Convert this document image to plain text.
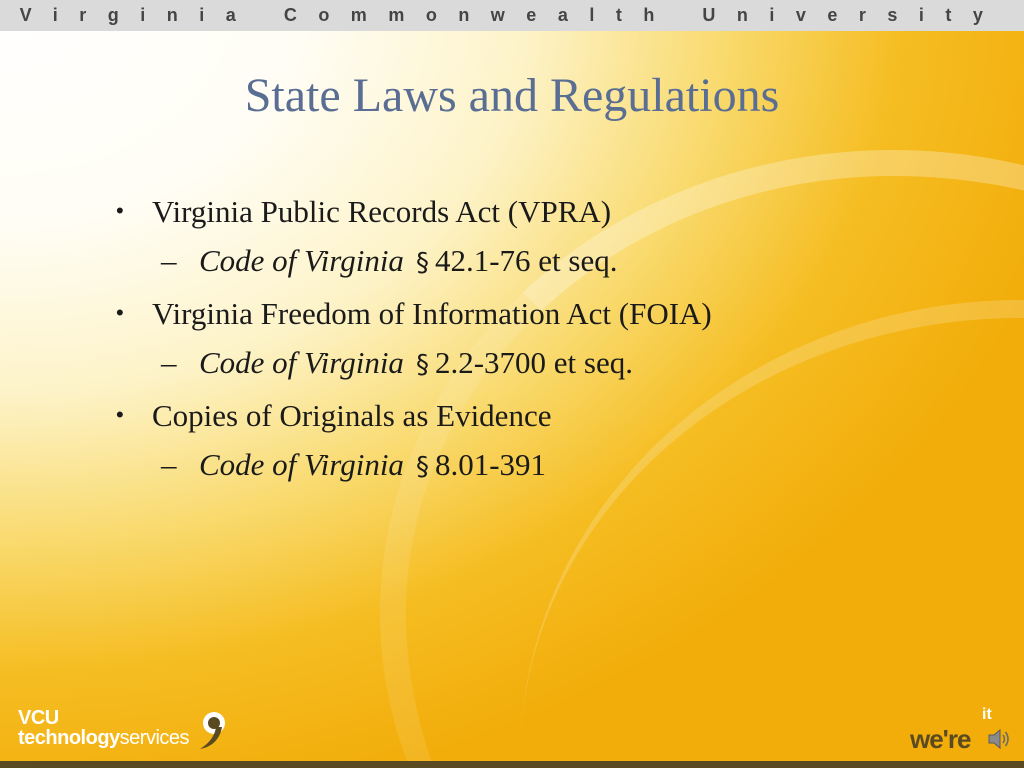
Virginia Commonwealth University
State Laws and Regulations
• Virginia Public Records Act (VPRA)
– Code of Virginia § 42.1-76 et seq.
• Virginia Freedom of Information Act (FOIA)
– Code of Virginia § 2.2-3700 et seq.
• Copies of Originals as Evidence
– Code of Virginia § 8.01-391
VCU
technologyservices
it
we're
